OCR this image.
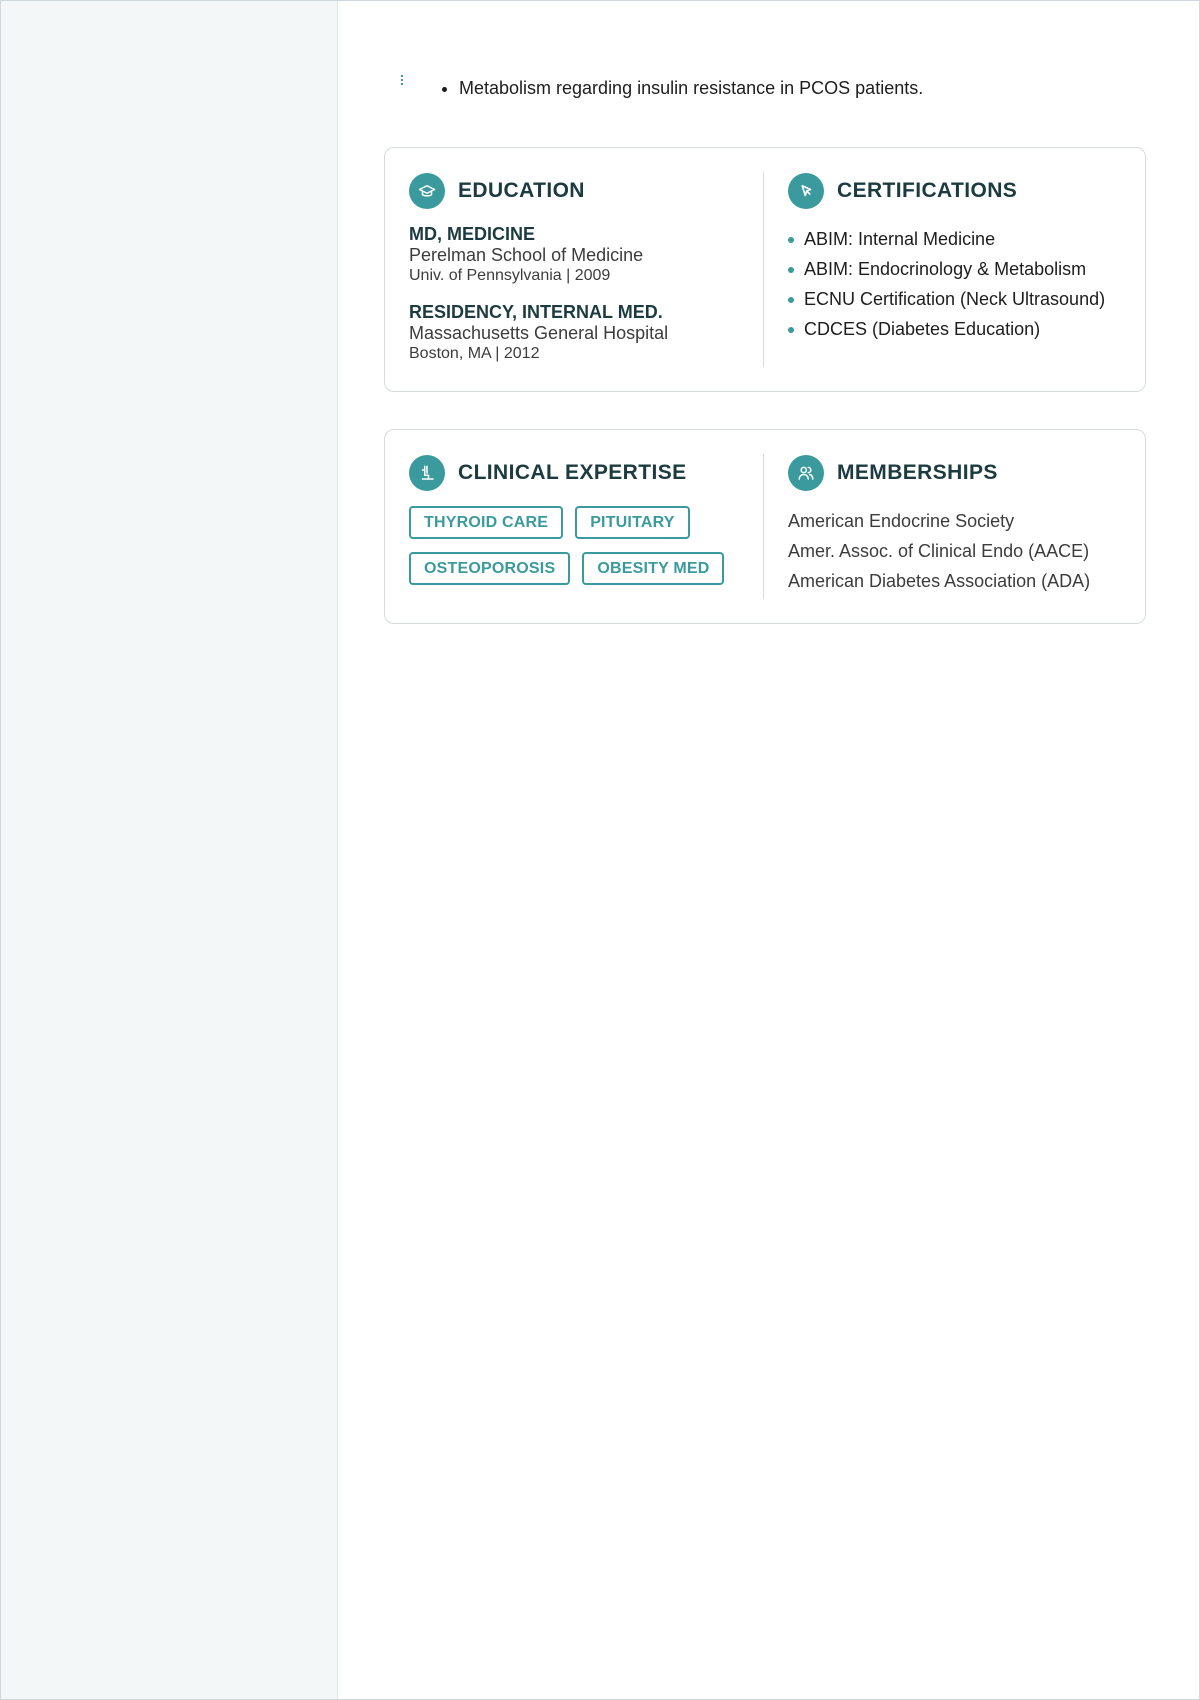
• Metabolism regarding insulin resistance in PCOS patients.
EDUCATION
MD, MEDICINE
Perelman School of Medicine
Univ. of Pennsylvania | 2009
RESIDENCY, INTERNAL MED.
Massachusetts General Hospital
Boston, MA | 2012
CERTIFICATIONS
ABIM: Internal Medicine
ABIM: Endocrinology & Metabolism
ECNU Certification (Neck Ultrasound)
CDCES (Diabetes Education)
CLINICAL EXPERTISE
THYROID CARE	PITUITARY
OSTEOPOROSIS	OBESITY MED
MEMBERSHIPS
American Endocrine Society
Amer. Assoc. of Clinical Endo (AACE)
American Diabetes Association (ADA)
